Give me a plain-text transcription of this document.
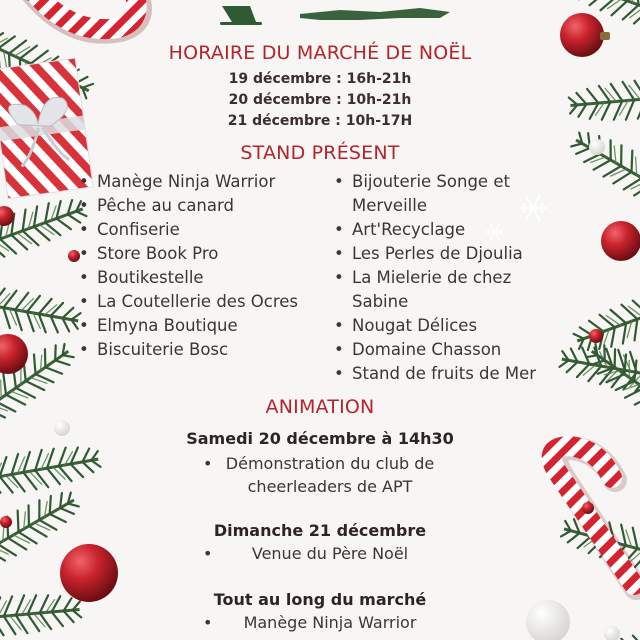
HORAIRE DU MARCHÉ DE NOËL
19 décembre : 16h-21h
20 décembre : 10h-21h
21 décembre : 10h-17H
STAND PRÉSENT
• Manège Ninja Warrior
• Pêche au canard
• Confiserie
• Store Book Pro
• Boutikestelle
• La Coutellerie des Ocres
• Elmyna Boutique
• Biscuiterie Bosc
• Bijouterie Songe et
Merveille
• Art'Recyclage
• Les Perles de Djoulia
• La Mielerie de chez
Sabine
• Nougat Délices
• Domaine Chasson
• Stand de fruits de Mer
ANIMATION
Samedi 20 décembre à 14h30
• Démonstration du club de
cheerleaders de APT
Dimanche 21 décembre
•	Venue du Père Noël
Tout au long du marché
•	Manège Ninja Warrior
